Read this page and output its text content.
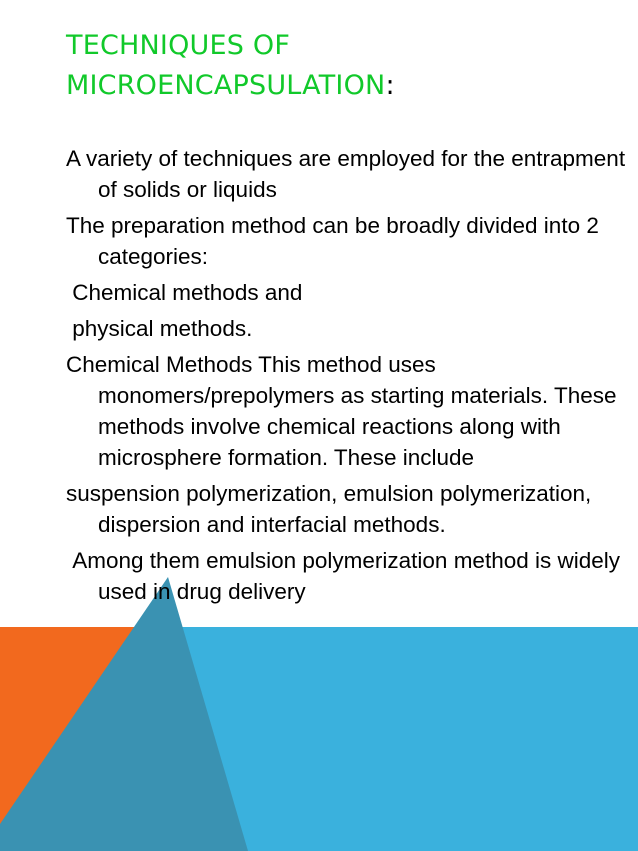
TECHNIQUES OF
MICROENCAPSULATION:

A variety of techniques are employed for the entrapment of solids or liquids

The preparation method can be broadly divided into 2 categories:

Chemical methods and

physical methods.

Chemical Methods This method uses monomers/prepolymers as starting materials. These methods involve chemical reactions along with microsphere formation. These include

suspension polymerization, emulsion polymerization, dispersion and interfacial methods.

Among them emulsion polymerization method is widely used in drug delivery
